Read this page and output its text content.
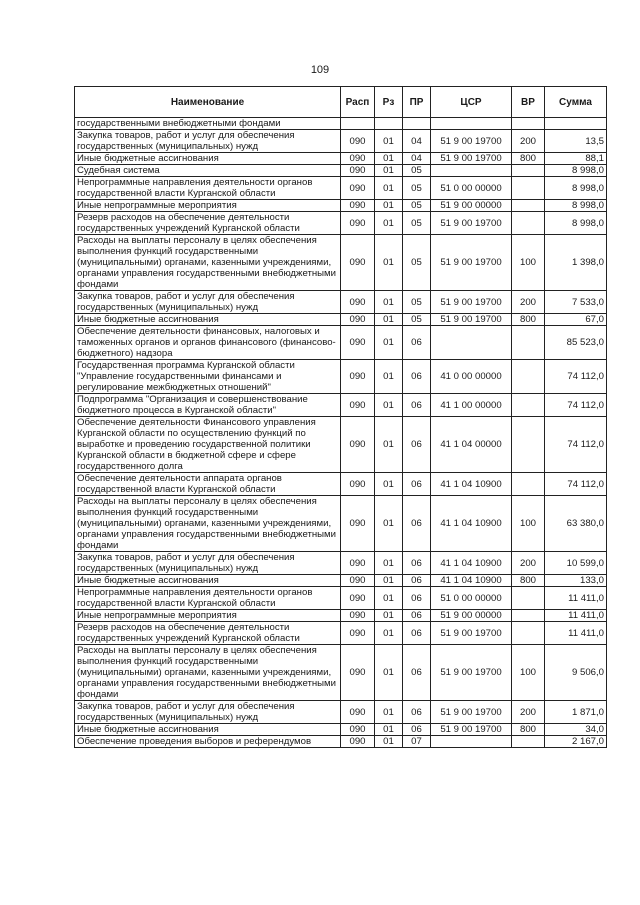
109
Наименование	Расп	Рз	ПР	ЦСР	ВР	Сумма
государственными внебюджетными фондами						
Закупка товаров, работ и услуг для обеспечения государственных (муниципальных) нужд	090	01	04	51 9 00 19700	200	13,5
Иные бюджетные ассигнования	090	01	04	51 9 00 19700	800	88,1
Судебная система	090	01	05			8 998,0
Непрограммные направления деятельности органов государственной власти Курганской области	090	01	05	51 0 00 00000		8 998,0
Иные непрограммные мероприятия	090	01	05	51 9 00 00000		8 998,0
Резерв расходов на обеспечение деятельности государственных учреждений Курганской области	090	01	05	51 9 00 19700		8 998,0
Расходы на выплаты персоналу в целях обеспечения выполнения функций государственными (муниципальными) органами, казенными учреждениями, органами управления государственными внебюджетными фондами	090	01	05	51 9 00 19700	100	1 398,0
Закупка товаров, работ и услуг для обеспечения государственных (муниципальных) нужд	090	01	05	51 9 00 19700	200	7 533,0
Иные бюджетные ассигнования	090	01	05	51 9 00 19700	800	67,0
Обеспечение деятельности финансовых, налоговых и таможенных органов и органов финансового (финансово-бюджетного) надзора	090	01	06			85 523,0
Государственная программа Курганской области "Управление государственными финансами и регулирование межбюджетных отношений"	090	01	06	41 0 00 00000		74 112,0
Подпрограмма "Организация и совершенствование бюджетного процесса в Курганской области"	090	01	06	41 1 00 00000		74 112,0
Обеспечение деятельности Финансового управления Курганской области по осуществлению функций по выработке и проведению государственной политики Курганской области в бюджетной сфере и сфере государственного долга	090	01	06	41 1 04 00000		74 112,0
Обеспечение деятельности аппарата органов государственной власти Курганской области	090	01	06	41 1 04 10900		74 112,0
Расходы на выплаты персоналу в целях обеспечения выполнения функций государственными (муниципальными) органами, казенными учреждениями, органами управления государственными внебюджетными фондами	090	01	06	41 1 04 10900	100	63 380,0
Закупка товаров, работ и услуг для обеспечения государственных (муниципальных) нужд	090	01	06	41 1 04 10900	200	10 599,0
Иные бюджетные ассигнования	090	01	06	41 1 04 10900	800	133,0
Непрограммные направления деятельности органов государственной власти Курганской области	090	01	06	51 0 00 00000		11 411,0
Иные непрограммные мероприятия	090	01	06	51 9 00 00000		11 411,0
Резерв расходов на обеспечение деятельности государственных учреждений Курганской области	090	01	06	51 9 00 19700		11 411,0
Расходы на выплаты персоналу в целях обеспечения выполнения функций государственными (муниципальными) органами, казенными учреждениями, органами управления государственными внебюджетными фондами	090	01	06	51 9 00 19700	100	9 506,0
Закупка товаров, работ и услуг для обеспечения государственных (муниципальных) нужд	090	01	06	51 9 00 19700	200	1 871,0
Иные бюджетные ассигнования	090	01	06	51 9 00 19700	800	34,0
Обеспечение проведения выборов и референдумов	090	01	07			2 167,0
